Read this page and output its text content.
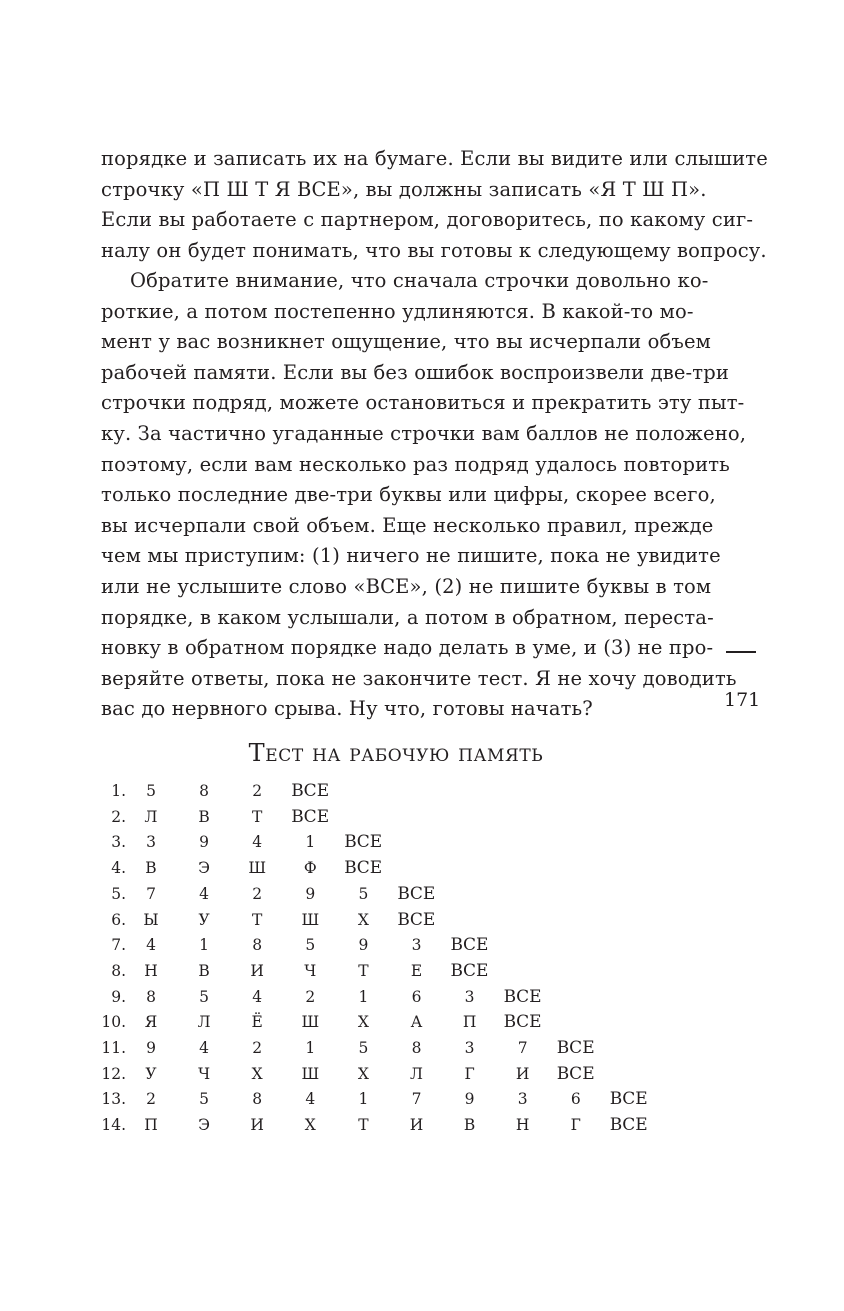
порядке и записать их на бумаге. Если вы видите или слышите
строчку «П Ш Т Я ВСЕ», вы должны записать «Я Т Ш П».
Если вы работаете с партнером, договоритесь, по какому сиг-
налу он будет понимать, что вы готовы к следующему вопросу.
Обратите внимание, что сначала строчки довольно ко-
роткие, а потом постепенно удлиняются. В какой-то мо-
мент у вас возникнет ощущение, что вы исчерпали объем
рабочей памяти. Если вы без ошибок воспроизвели две-три
строчки подряд, можете остановиться и прекратить эту пыт-
ку. За частично угаданные строчки вам баллов не положено,
поэтому, если вам несколько раз подряд удалось повторить
только последние две-три буквы или цифры, скорее всего,
вы исчерпали свой объем. Еще несколько правил, прежде
чем мы приступим: (1) ничего не пишите, пока не увидите
или не услышите слово «ВСЕ», (2) не пишите буквы в том
порядке, в каком услышали, а потом в обратном, переста-
новку в обратном порядке надо делать в уме, и (3) не про-
веряйте ответы, пока не закончите тест. Я не хочу доводить
вас до нервного срыва. Ну что, готовы начать?	171
Тест на рабочую память
1.	5	8	2	ВСЕ
2.	Л	В	Т	ВСЕ
3.	3	9	4	1	ВСЕ
4.	В	Э	Ш	Ф	ВСЕ
5.	7	4	2	9	5	ВСЕ
6.	Ы	У	Т	Ш	Х	ВСЕ
7.	4	1	8	5	9	3	ВСЕ
8.	Н	В	И	Ч	Т	Е	ВСЕ
9.	8	5	4	2	1	6	3	ВСЕ
10.	Я	Л	Ё	Ш	Х	А	П	ВСЕ
11.	9	4	2	1	5	8	3	7	ВСЕ
12.	У	Ч	Х	Ш	Х	Л	Г	И	ВСЕ
13.	2	5	8	4	1	7	9	3	6	ВСЕ
14.	П	Э	И	Х	Т	И	В	Н	Г	ВСЕ
